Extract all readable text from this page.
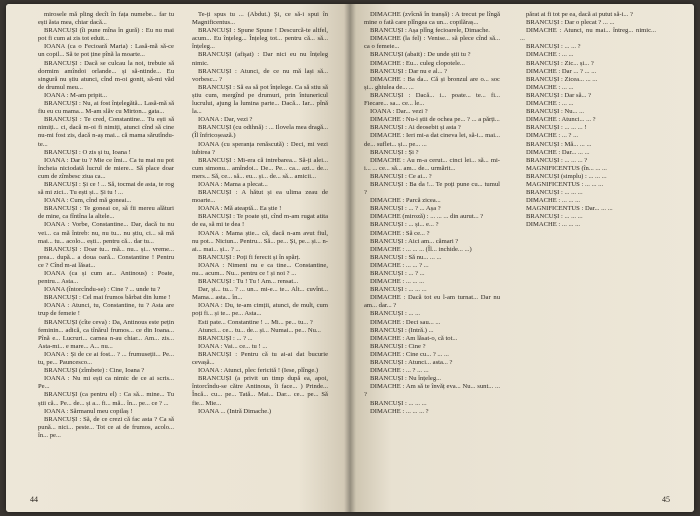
mirosele mă pling decît în fața numebe... far tu ești ăsta mea, chiar dacă...

BRANCUȘI (îi pune mîna în gură) : Eu nu mai pot fi cum ai zis tot eduit...

IOANA (ca o Fecioară Maria) : Lasă-mă să-ce un copil... Să te pot ține pînă la moarte...

BRANCUȘI : Dacă se culcau la noi, trebuie să dormim amîndoi orlande... și să-ntinde... Eu singură nu știu atunci, cînd m-oi gonit, să-mi văd de drumul meu...

IOANA : M-am pripit...

BRANCUȘI : Nu, ai fost înțelegătă... Lasă-mă să fiu eu cu mama... M-am slăv cu Mirton... gata...

BRANCUȘI : Te cred, Constantine... Tu ești să nimiți... ci, dacă m-oi fi nimiți, atunci cînd să cine nu-mi fost zis, dacă n-aș mai... că mama sărutîndu-te...

BRANCUȘI : O zis și tu, Ioana !

IOANA : Dar tu ? Mie ce îmi... Ca tu mai nu pot încheia niciodată lucrul de miere... Să place doar cum de zîmbesc ziua ca...

BRANCUȘI : Și ce ! ... Să, tocmai de asta, te rog să mi zici... Tu ești și... Și tu ! ...

IOANA : Cum, cînd mă goneai...

BRANCUȘI : Te goneai ce, să fii mereu alături de mine, ca fîntîna la altele...

IOANA : Vorbe, Constantine... Dar, dacă tu nu vei... ca mă întreb: nu, nu tu... nu știu, ci... să mă mai... tu... acolo... ești... pentru că... dar tu...

BRANCUȘI : Doar tu... mă... nu... și... vreme... prea... după... a doua oară... Constantine ! Pentru ce ? Cînd m-ai lăsat...

IOANA (ca și cum ar... Antinous) : Poate, pentru... Asta...

IOANA (întorcîndu-se) : Cine ? ... unde tu ?

BRANCUȘI : Cel mai frumos bărbat din lume !

IOANA : Atunci, tu, Constantine, tu ? Asta are trup de femeie !

BRANCUȘI (cîte ceva) : Da, Antinous este pețin feminin... adică, ca tînărul frumos... ce din Ioana... Pînă e... Lucruri... carnea n-au chiar... Am... zis... Asta-mi... e mare... A... nu...

IOANA : Și de ce ai fost... ? ... frumuseții... Pe... tu, pe... Pauncesco...

BRANCUȘI (zîmbete) : Cine, Ioana ?

IOANA : Nu mi ești ca nimic de ce ai scris... Pe...

BRANCUȘI (ca pentru el) : Ca să... mine... Tu știi că... Pe... de... și a... fi... mă... în... pe... ce ? ...

IOANA : Sărmanul meu copilaș !

BRANCUȘI : Să, de ce crezi că fac asta ? Ca să pună... nici... peste... Tot ce ai de frumos, acolo... în... pe...

Te-ți spus tu ... (Abdut.) Și, ce să-i spui în Magnificentus...

BRANCUȘI : Spune Spune ! Descurcă-te altfel, acum... Eu înțeleg... Înțeleg tot... pentru că... să... înțeleg...

BRANCUȘI (afişat) : Dar nici eu nu înțeleg nimic.

BRANCUȘI : Atunci, de ce nu mă lași să... vorbesc... ?

BRANCUȘI : Să ea să pot înțelege. Ca să stiu să știu cum, mergînd pe drumuri, prin întunericul lucrului, ajung la lumina parte... Dacă... Iar... pînă la...

IOANA : Dar, vezi ?

BRANCUȘI (cu odihnă) : ... Ilovela mea dragă... (Îl înfricoșează.)

IOANA (cu speranța renăscută) : Deci, mi vezi iubirea ?

BRANCUȘI : Mi-era că intrebarea... Să-ți alei... cum simonu... amîndoi... De... Pe... ca... azi... de... mers... Să, ce... să... eu... și... de... să... amicii...

IOANA : Mama a plecat...

BRANCUȘI : A hătut și ea ulima zeau de moarte...

IOANA : Mă ateaptă... Ea știe !

BRANCUȘI : Te poate ști, cînd m-am rugat atita de ea, să mi te dea !

IOANA : Mama știe... că, dacă n-am avut fiul, nu pot... Niciun... Pentru... Să... pe... Și, pe... și... n-ai... mai... și... ? ...

BRANCUȘI : Poți fi ferecit și în spărț.

IOANA : Nimeni nu e ca tine... Constantine, nu... acum... Nu... pentru ce ! și noi ? ...

BRANCUȘI : Tu ! Tu ! Am... rensat...

Dar, și... tu... ? ... un... mi-e... te... Alt... cuvînt... Mama... asta... în...

IOANA : Du, te-am cimții, atunci, de mult, cum poți fi... și te... pe... Asta...

Esti pate... Constantine ! ... Mi... pe... tu... ?

Atunci... ce... tu... de... și... Numai... pe... Nu...

BRANCUȘI : ... ? ...

IOANA : Vai... ce... tu ! ...

BRANCUȘI : Pentru că tu ai-ai dat bucurie cevașă...

IOANA : Atunci, plec fericită ! (Iese, plînge.)

BRANCUȘI (a privit un timp după ea, apoi, întorcîndu-se către Antinous, îi face... ) Prinde... Încă... cu... pe... Tată... Mai... Dar... ce... pe... Să fie... Mie...

IOANA ... (Intră Dimache.)

44

DIMACHE (zvîcnă în tranșă) : A trecut pe lîngă mine o fată care plîngea ca un... copilăraș...

BRANCUȘI : Așa plîng fecioarele, Dimache.

DIMACHE (la fel) : Venise... să plece cînd să... ca o femeie...

BRANCUȘI (abait) : De unde știi tu ?

DIMACHE : Eu... culeg clopotele...

BRANCUȘI : Dar nu e al... ?

DIMACHE : Ba da... Că și bronzul are o... soc și... ghiulea de... ...

BRANCUȘI : Dacă... i... poate... te... fi... Fiecare... sa... ce... le...

IOANA : Dar... vezi ?

DIMACHE : Nu-i știi de ochea pe... ? ... a părți...

BRANCUȘI : Ai deosebit și asta ?

DIMACHE : Ieri mi-a dat cineva lei, să-i... mai... de... suflet... și... pe... ...

BRANCUȘI : Și ?

DIMACHE : Au m-a cerut... cinci lei... să... mi-i... ... ce... să... am... de... urmărit...

BRANCUȘI : Ce ai... ?

BRANCUȘI : Ba da !... Te poți pune cu... tumul ?

DIMACHE : Parcă zicea...

BRANCUȘI : ... ? ... Așa ?

DIMACHE (miroză) : ... ... ... din aurut... ?

BRANCUȘI : ... și... e... ?

DIMACHE : Să ce... ?

BRANCUȘI : Aici am... cămari ?

DIMACHE : ... ... ... (Îl... inchide... ...)

BRANCUȘI : Să nu... ... ...

DIMACHE : ... ... ? ...

BRANCUȘI : ... ? ...

DIMACHE : ... ... ...

BRANCUȘI : ... ... ...

DIMACHE : Dacă tot eu l-am turnat... Dar nu am... dar... ?

BRANCUȘI : ... ...

DIMACHE : Deci sau... ...

BRANCUȘI : (Intră.) ...

DIMACHE : Am lăsat-o, că tot...

BRANCUȘI : Cine ?

DIMACHE : Cine cu... ? ... ...

BRANCUȘI : Atunci... asta... ?

DIMACHE : ... ? ... ...

BRANCUȘI : Nu înțeleg...

DIMACHE : Am să te învăț eva... Nu... sunt... ... ?

BRANCUȘI : ... ... ...

DIMACHE : ... ... ... ?

părat ai fi tot pe ea, dacă ai putut să-i... ?

BRANCUȘI : Dar o plecat ? ... ...

DIMACHE : Atunci, nu mai... întreg... nimic... ...

BRANCUȘI : ... ... ?

DIMACHE : ... ...

BRANCUȘI : Zic... și... ?

DIMACHE : Dar ... ? ... ...

BRANCUȘI : Zicea... ... ...

DIMACHE : ... ...

BRANCUȘI : Dar să... ?

DIMACHE : ... ...

BRANCUȘI : Nu... ...

DIMACHE : Atunci... ... ?

BRANCUȘI : ... ... ... !

DIMACHE : ... ? ...

BRANCUȘI : Mă... ... ...

DIMACHE : Dar... ... ...

BRANCUȘI : ... ... ... ?

MAGNIFICENTUS (în... ... ...

BRANCUȘI (simplu) : ... ... ...

MAGNIFICENTUS : ... ... ...

BRANCUȘI : ... ... ...

DIMACHE : ... ... ...

MAGNIFICENTUS : Dar... ... ...

BRANCUȘI : ... ... ...

DIMACHE : ... ... ...

45
